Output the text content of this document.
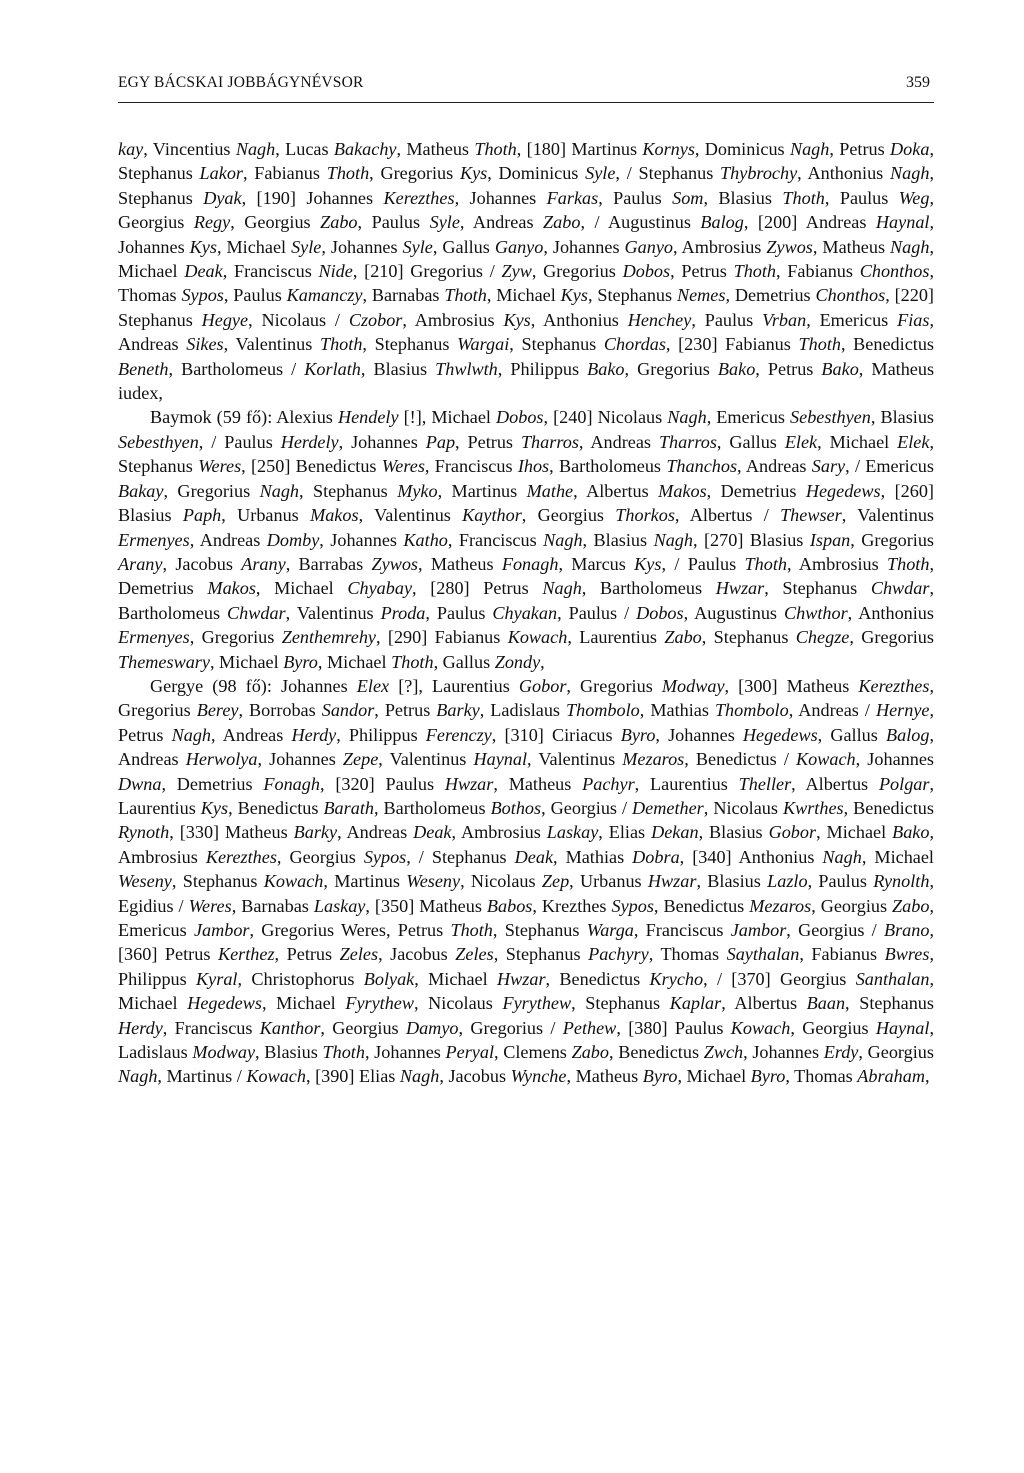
EGY BÁCSKAI JOBBÁGYNÉVSOR	359

kay, Vincentius Nagh, Lucas Bakachy, Matheus Thoth, [180] Martinus Kornys, Dominicus Nagh, Petrus Doka, Stephanus Lakor, Fabianus Thoth, Gregorius Kys, Dominicus Syle, / Stephanus Thybrochy, Anthonius Nagh, Stephanus Dyak, [190] Johannes Kerezthes, Johannes Farkas, Paulus Som, Blasius Thoth, Paulus Weg, Georgius Regy, Georgius Zabo, Paulus Syle, Andreas Zabo, / Augustinus Balog, [200] Andreas Haynal, Johannes Kys, Michael Syle, Johannes Syle, Gallus Ganyo, Johannes Ganyo, Ambrosius Zywos, Matheus Nagh, Michael Deak, Franciscus Nide, [210] Gregorius / Zyw, Gregorius Dobos, Petrus Thoth, Fabianus Chonthos, Thomas Sypos, Paulus Kamanczy, Barnabas Thoth, Michael Kys, Stephanus Nemes, Demetrius Chonthos, [220] Stephanus Hegye, Nicolaus / Czobor, Ambrosius Kys, Anthonius Henchey, Paulus Vrban, Emericus Fias, Andreas Sikes, Valentinus Thoth, Stephanus Wargai, Stephanus Chordas, [230] Fabianus Thoth, Benedictus Beneth, Bartholomeus / Korlath, Blasius Thwlwth, Philippus Bako, Gregorius Bako, Petrus Bako, Matheus iudex,

Baymok (59 fő): Alexius Hendely [!], Michael Dobos, [240] Nicolaus Nagh, Emericus Sebesthyen, Blasius Sebesthyen, / Paulus Herdely, Johannes Pap, Petrus Tharros, Andreas Tharros, Gallus Elek, Michael Elek, Stephanus Weres, [250] Benedictus Weres, Franciscus Ihos, Bartholomeus Thanchos, Andreas Sary, / Emericus Bakay, Gregorius Nagh, Stephanus Myko, Martinus Mathe, Albertus Makos, Demetrius Hegedews, [260] Blasius Paph, Urbanus Makos, Valentinus Kaythor, Georgius Thorkos, Albertus / Thewser, Valentinus Ermenyes, Andreas Domby, Johannes Katho, Franciscus Nagh, Blasius Nagh, [270] Blasius Ispan, Gregorius Arany, Jacobus Arany, Barrabas Zywos, Matheus Fonagh, Marcus Kys, / Paulus Thoth, Ambrosius Thoth, Demetrius Makos, Michael Chyabay, [280] Petrus Nagh, Bartholomeus Hwzar, Stephanus Chwdar, Bartholomeus Chwdar, Valentinus Proda, Paulus Chyakan, Paulus / Dobos, Augustinus Chwthor, Anthonius Ermenyes, Gregorius Zenthemrehy, [290] Fabianus Kowach, Laurentius Zabo, Stephanus Chegze, Gregorius Themeswary, Michael Byro, Michael Thoth, Gallus Zondy,

Gergye (98 fő): Johannes Elex [?], Laurentius Gobor, Gregorius Modway, [300] Matheus Kerezthes, Gregorius Berey, Borrobas Sandor, Petrus Barky, Ladislaus Thombolo, Mathias Thombolo, Andreas / Hernye, Petrus Nagh, Andreas Herdy, Philippus Ferenczy, [310] Ciriacus Byro, Johannes Hegedews, Gallus Balog, Andreas Herwolya, Johannes Zepe, Valentinus Haynal, Valentinus Mezaros, Benedictus / Kowach, Johannes Dwna, Demetrius Fonagh, [320] Paulus Hwzar, Matheus Pachyr, Laurentius Theller, Albertus Polgar, Laurentius Kys, Benedictus Barath, Bartholomeus Bothos, Georgius / Demether, Nicolaus Kwrthes, Benedictus Rynoth, [330] Matheus Barky, Andreas Deak, Ambrosius Laskay, Elias Dekan, Blasius Gobor, Michael Bako, Ambrosius Kerezthes, Georgius Sypos, / Stephanus Deak, Mathias Dobra, [340] Anthonius Nagh, Michael Weseny, Stephanus Kowach, Martinus Weseny, Nicolaus Zep, Urbanus Hwzar, Blasius Lazlo, Paulus Rynolth, Egidius / Weres, Barnabas Laskay, [350] Matheus Babos, Krezthes Sypos, Benedictus Mezaros, Georgius Zabo, Emericus Jambor, Gregorius Weres, Petrus Thoth, Stephanus Warga, Franciscus Jambor, Georgius / Brano, [360] Petrus Kerthez, Petrus Zeles, Jacobus Zeles, Stephanus Pachyry, Thomas Saythalan, Fabianus Bwres, Philippus Kyral, Christophorus Bolyak, Michael Hwzar, Benedictus Krycho, / [370] Georgius Santhalan, Michael Hegedews, Michael Fyrythew, Nicolaus Fyrythew, Stephanus Kaplar, Albertus Baan, Stephanus Herdy, Franciscus Kanthor, Georgius Damyo, Gregorius / Pethew, [380] Paulus Kowach, Georgius Haynal, Ladislaus Modway, Blasius Thoth, Johannes Peryal, Clemens Zabo, Benedictus Zwch, Johannes Erdy, Georgius Nagh, Martinus / Kowach, [390] Elias Nagh, Jacobus Wynche, Matheus Byro, Michael Byro, Thomas Abraham,
